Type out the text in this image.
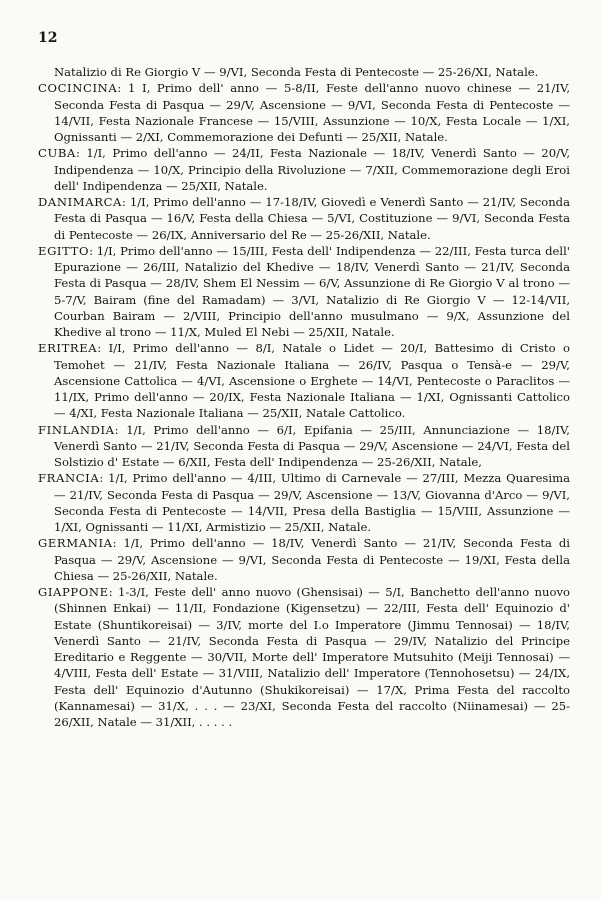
12

Natalizio di Re Giorgio V — 9/VI, Seconda Festa di Pentecoste — 25-26/XI, Natale.

COCINCINA: 1 I, Primo dell' anno — 5-8/II, Feste dell'anno nuovo chinese — 21/IV, Seconda Festa di Pasqua — 29/V, Ascensione — 9/VI, Seconda Festa di Pentecoste — 14/VII, Festa Nazionale Francese — 15/VIII, Assunzione — 10/X, Festa Locale — 1/XI, Ognissanti — 2/XI, Commemorazione dei Defunti — 25/XII, Natale.

CUBA: 1/I, Primo dell'anno — 24/II, Festa Nazionale — 18/IV, Venerdì Santo — 20/V, Indipendenza — 10/X, Principio della Rivoluzione — 7/XII, Commemorazione degli Eroi dell' Indipendenza — 25/XII, Natale.

DANIMARCA: 1/I, Primo dell'anno — 17-18/IV, Giovedì e Venerdì Santo — 21/IV, Seconda Festa di Pasqua — 16/V, Festa della Chiesa — 5/VI, Costituzione — 9/VI, Seconda Festa di Pentecoste — 26/IX, Anniversario del Re — 25-26/XII, Natale.

EGITTO: 1/I, Primo dell'anno — 15/III, Festa dell' Indipendenza — 22/III, Festa turca dell' Epurazione — 26/III, Natalizio del Khedive — 18/IV, Venerdì Santo — 21/IV, Seconda Festa di Pasqua — 28/IV, Shem El Nessim — 6/V, Assunzione di Re Giorgio V al trono — 5-7/V, Bairam (fine del Ramadam) — 3/VI, Natalizio di Re Giorgio V — 12-14/VII, Courban Bairam — 2/VIII, Principio dell'anno musulmano — 9/X, Assunzione del Khedive al trono — 11/X, Muled El Nebi — 25/XII, Natale.

ERITREA: I/I, Primo dell'anno — 8/I, Natale o Lidet — 20/I, Battesimo di Cristo o Temohet — 21/IV, Festa Nazionale Italiana — 26/IV, Pasqua o Tensà-e — 29/V, Ascensione Cattolica — 4/VI, Ascensione o Erghete — 14/VI, Pentecoste o Paraclitos — 11/IX, Primo dell'anno — 20/IX, Festa Nazionale Italiana — 1/XI, Ognissanti Cattolico — 4/XI, Festa Nazionale Italiana — 25/XII, Natale Cattolico.

FINLANDIA: 1/I, Primo dell'anno — 6/I, Epifania — 25/III, Annunciazione — 18/IV, Venerdì Santo — 21/IV, Seconda Festa di Pasqua — 29/V, Ascensione — 24/VI, Festa del Solstizio d' Estate — 6/XII, Festa dell' Indipendenza — 25-26/XII, Natale,

FRANCIA: 1/I, Primo dell'anno — 4/III, Ultimo di Carnevale — 27/III, Mezza Quaresima — 21/IV, Seconda Festa di Pasqua — 29/V, Ascensione — 13/V, Giovanna d'Arco — 9/VI, Seconda Festa di Pentecoste — 14/VII, Presa della Bastiglia — 15/VIII, Assunzione — 1/XI, Ognissanti — 11/XI, Armistizio — 25/XII, Natale.

GERMANIA: 1/I, Primo dell'anno — 18/IV, Venerdì Santo — 21/IV, Seconda Festa di Pasqua — 29/V, Ascensione — 9/VI, Seconda Festa di Pentecoste — 19/XI, Festa della Chiesa — 25-26/XII, Natale.

GIAPPONE: 1-3/I, Feste dell' anno nuovo (Ghensisai) — 5/I, Banchetto dell'anno nuovo (Shinnen Enkai) — 11/II, Fondazione (Kigensetzu) — 22/III, Festa dell' Equinozio d' Estate (Shuntikoreisai) — 3/IV, morte del I.o Imperatore (Jimmu Tennosai) — 18/IV, Venerdì Santo — 21/IV, Seconda Festa di Pasqua — 29/IV, Natalizio del Principe Ereditario e Reggente — 30/VII, Morte dell' Imperatore Mutsuhito (Meiji Tennosai) — 4/VIII, Festa dell' Estate — 31/VIII, Natalizio dell' Imperatore (Tennohosetsu) — 24/IX, Festa dell' Equinozio d'Autunno (Shukikoreisai) — 17/X, Prima Festa del raccolto (Kannamesai) — 31/X, . . . — 23/XI, Seconda Festa del raccolto (Niinamesai) — 25-26/XII, Natale — 31/XII, . . . . .
